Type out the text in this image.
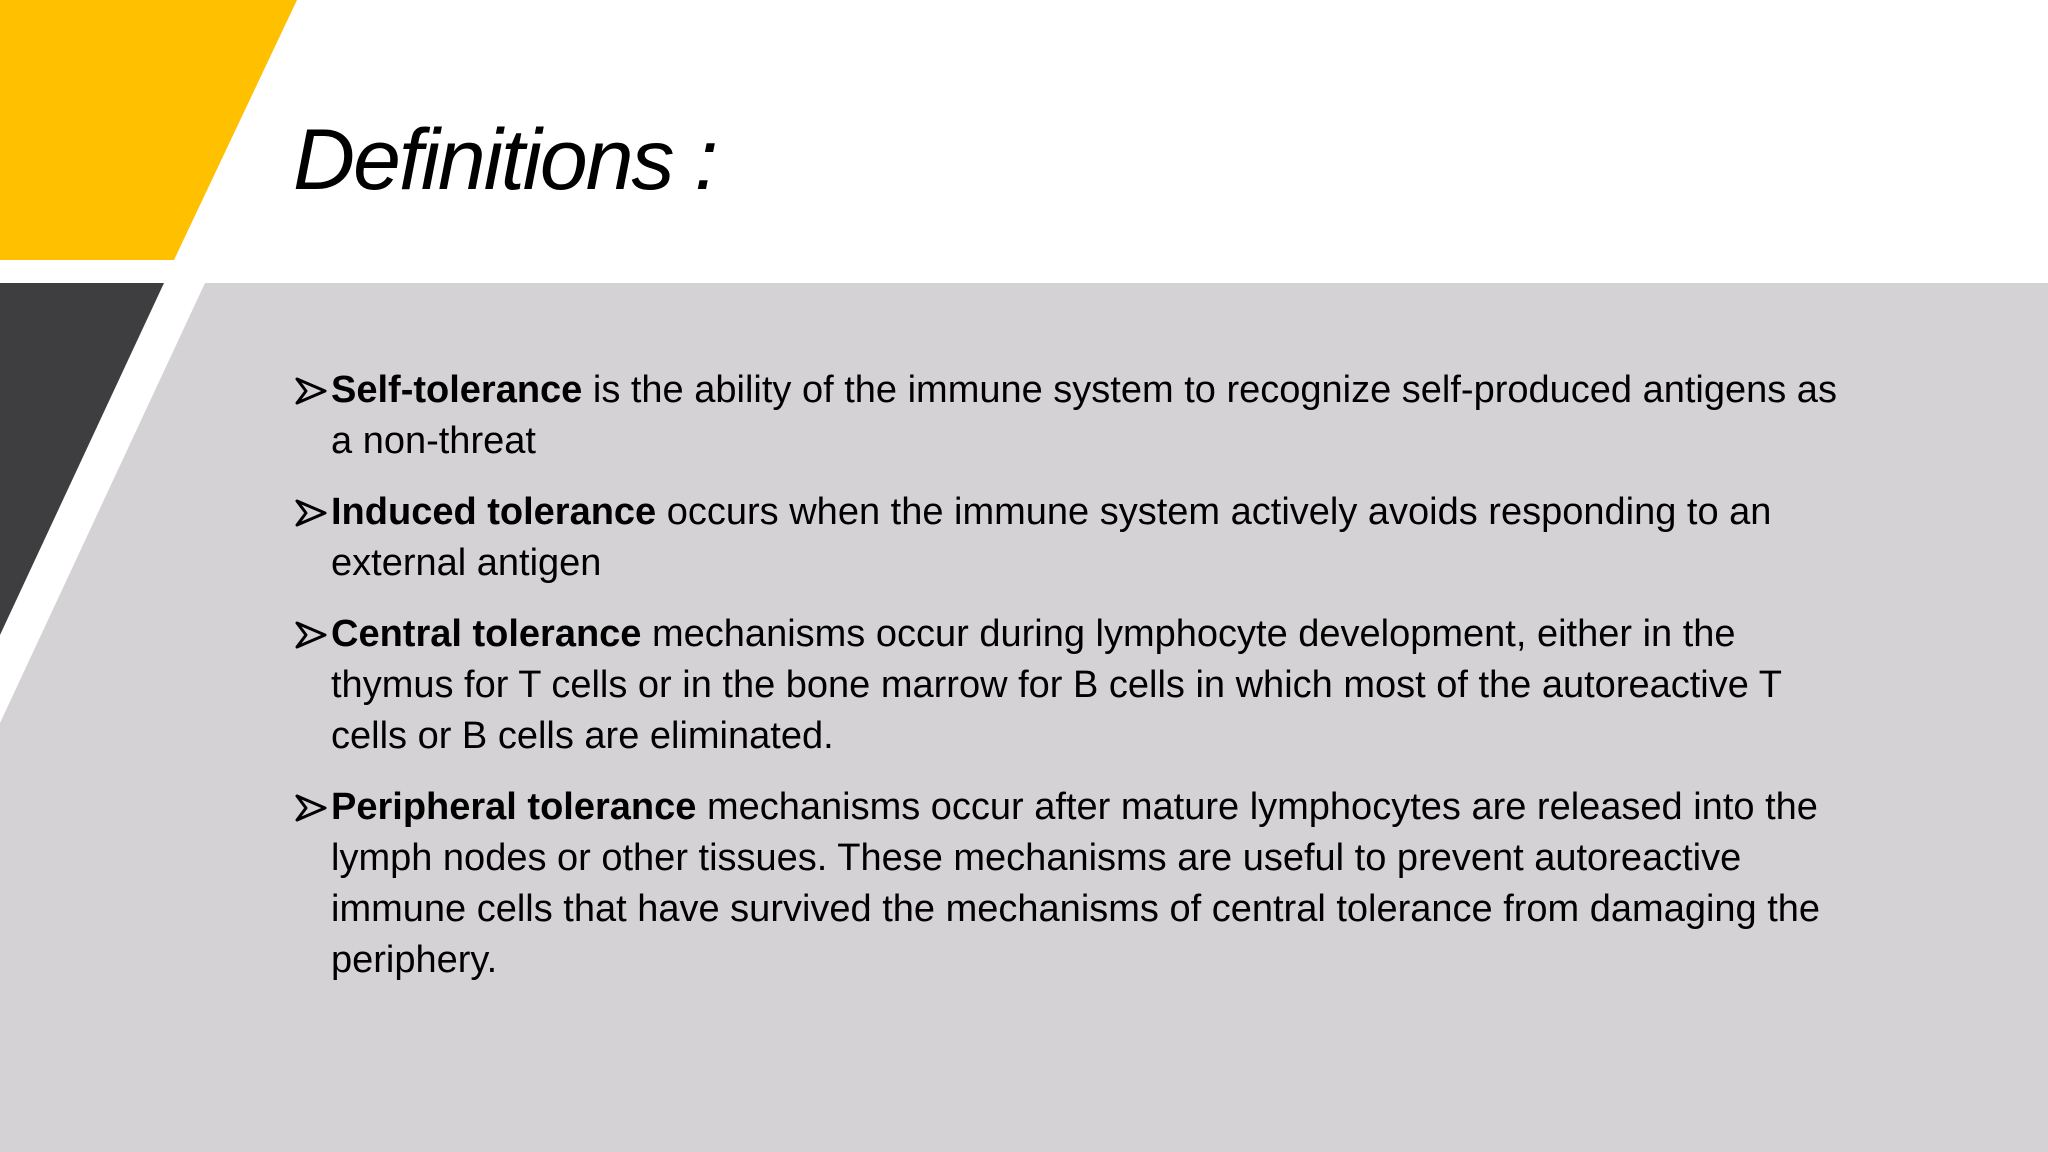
Definitions :
Self-tolerance is the ability of the immune system to recognize self-produced antigens as a non-threat
Induced tolerance occurs when the immune system actively avoids responding to an external antigen
Central tolerance mechanisms occur during lymphocyte development, either in the thymus for T cells or in the bone marrow for B cells in which most of the autoreactive T cells or B cells are eliminated.
Peripheral tolerance mechanisms occur after mature lymphocytes are released into the lymph nodes or other tissues. These mechanisms are useful to prevent autoreactive immune cells that have survived the mechanisms of central tolerance from damaging the periphery.
